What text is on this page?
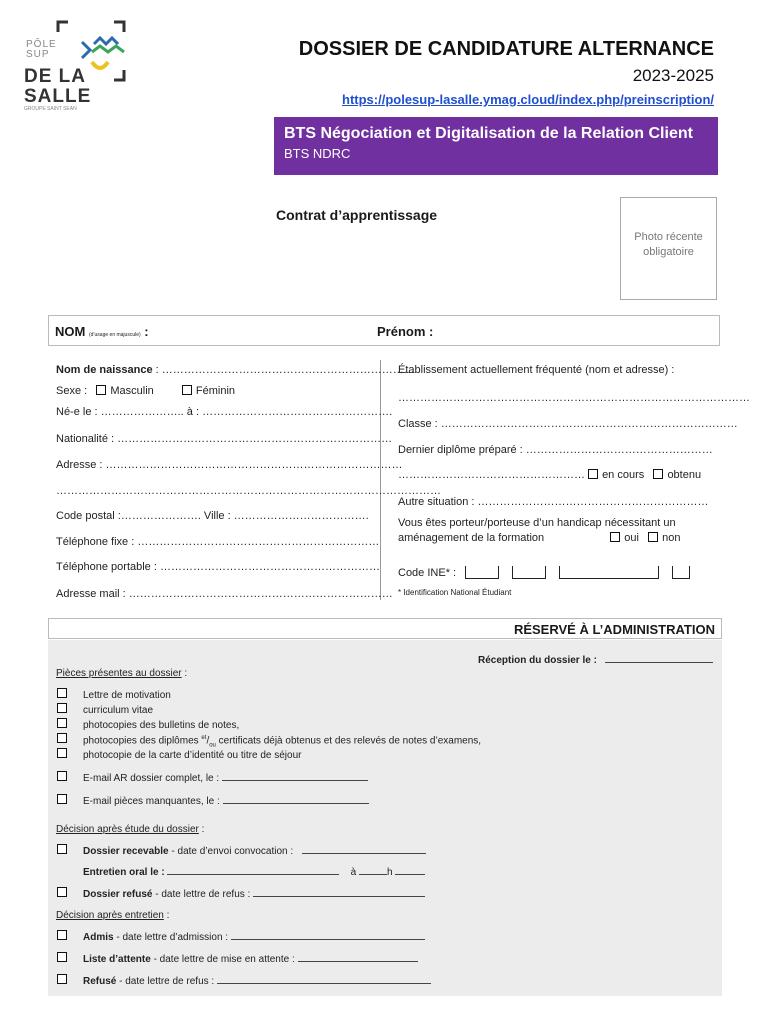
PÔLE
SUP
DE LA
SALLE
GROUPE SAINT SEAN
DOSSIER DE CANDIDATURE ALTERNANCE
2023-2025
https://polesup-lasalle.ymag.cloud/index.php/preinscription/
BTS Négociation et Digitalisation de la Relation Client
BTS NDRC
Contrat d’apprentissage
Photo récente
obligatoire
NOM (d’usage en majuscule) :	Prénom :
Nom de naissance : ……………………………………………………………
Sexe : Masculin	Féminin
Né-e le : ………………….. à : …………………………………………….
Nationalité : …………………………………………………………………
Adresse : ………………………………………………………………………
……………………………………………………………………………………………
Code postal :…………………. Ville : ……………………………….
Téléphone fixe : …………………………………………………………
Téléphone portable : ……………………………………………………
Adresse mail : ………………………………………………………………
Établissement actuellement fréquenté (nom et adresse) :
……………………………………………………………………………………
Classe : ………………………………………………………………………
Dernier diplôme préparé : ……………………………………………
…………………………………………… en cours obtenu
Autre situation : ………………………………………………………
Vous êtes porteur/porteuse d’un handicap nécessitant un
aménagement de la formation	oui non
Code INE* :
* Identification National Étudiant
RÉSERVÉ À L’ADMINISTRATION
Réception du dossier le :
Pièces présentes au dossier :
Lettre de motivation
curriculum vitae
photocopies des bulletins de notes,
photocopies des diplômes $^{et}/_{ou}$ certificats déjà obtenus et des relevés de notes d’examens,
photocopie de la carte d’identité ou titre de séjour
E-mail AR dossier complet, le :
E-mail pièces manquantes, le :
Décision après étude du dossier :
Dossier recevable - date d’envoi convocation :
Entretien oral le :	à	h
Dossier refusé - date lettre de refus :
Décision après entretien :
Admis - date lettre d’admission :
Liste d’attente - date lettre de mise en attente :
Refusé - date lettre de refus :
